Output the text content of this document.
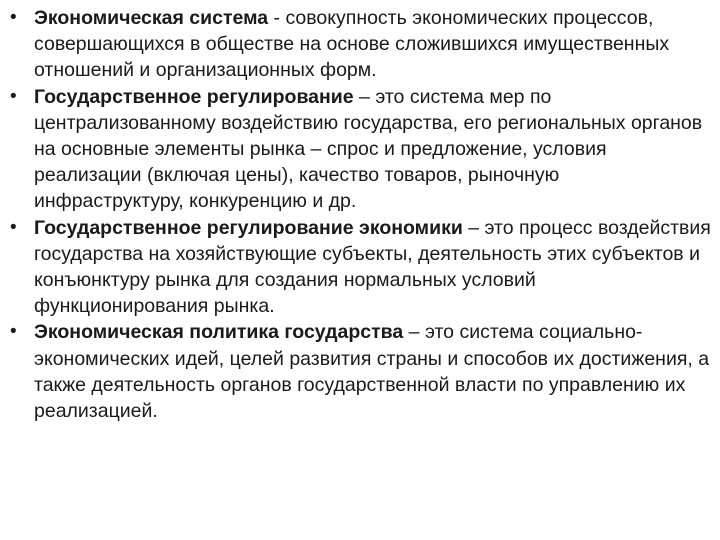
• Экономическая система - совокупность экономических процессов, совершающихся в обществе на основе сложившихся имущественных отношений и организационных форм.
• Государственное регулирование – это система мер по централизованному воздействию государства, его региональных органов на основные элементы рынка – спрос и предложение, условия реализации (включая цены), качество товаров, рыночную инфраструктуру, конкуренцию и др.
• Государственное регулирование экономики – это процесс воздействия государства на хозяйствующие субъекты, деятельность этих субъектов и конъюнктуру рынка для создания нормальных условий функционирования рынка.
• Экономическая политика государства – это система социально-экономических идей, целей развития страны и способов их достижения, а также деятельность органов государственной власти по управлению их реализацией.
